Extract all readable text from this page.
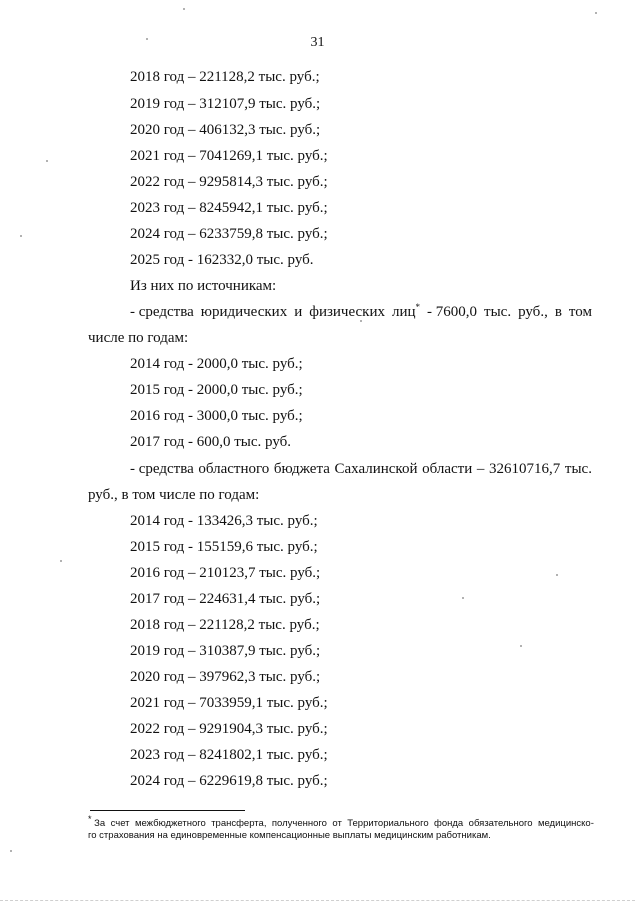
31
2018 год – 221128,2 тыс. руб.;
2019 год – 312107,9 тыс. руб.;
2020 год – 406132,3 тыс. руб.;
2021 год – 7041269,1 тыс. руб.;
2022 год – 9295814,3 тыс. руб.;
2023 год – 8245942,1 тыс. руб.;
2024 год – 6233759,8 тыс. руб.;
2025 год - 162332,0 тыс. руб.
Из них по источникам:
- средства юридических и физических лиц* - 7600,0 тыс. руб., в том
числе по годам:
2014 год - 2000,0 тыс. руб.;
2015 год - 2000,0 тыс. руб.;
2016 год - 3000,0 тыс. руб.;
2017 год - 600,0 тыс. руб.
- средства областного бюджета Сахалинской области – 32610716,7 тыс.
руб., в том числе по годам:
2014 год - 133426,3 тыс. руб.;
2015 год - 155159,6 тыс. руб.;
2016 год – 210123,7 тыс. руб.;
2017 год – 224631,4 тыс. руб.;
2018 год – 221128,2 тыс. руб.;
2019 год – 310387,9 тыс. руб.;
2020 год – 397962,3 тыс. руб.;
2021 год – 7033959,1 тыс. руб.;
2022 год – 9291904,3 тыс. руб.;
2023 год – 8241802,1 тыс. руб.;
2024 год – 6229619,8 тыс. руб.;
* За счет межбюджетного трансферта, полученного от Территориального фонда обязательного медицинско-
го страхования на единовременные компенсационные выплаты медицинским работникам.
